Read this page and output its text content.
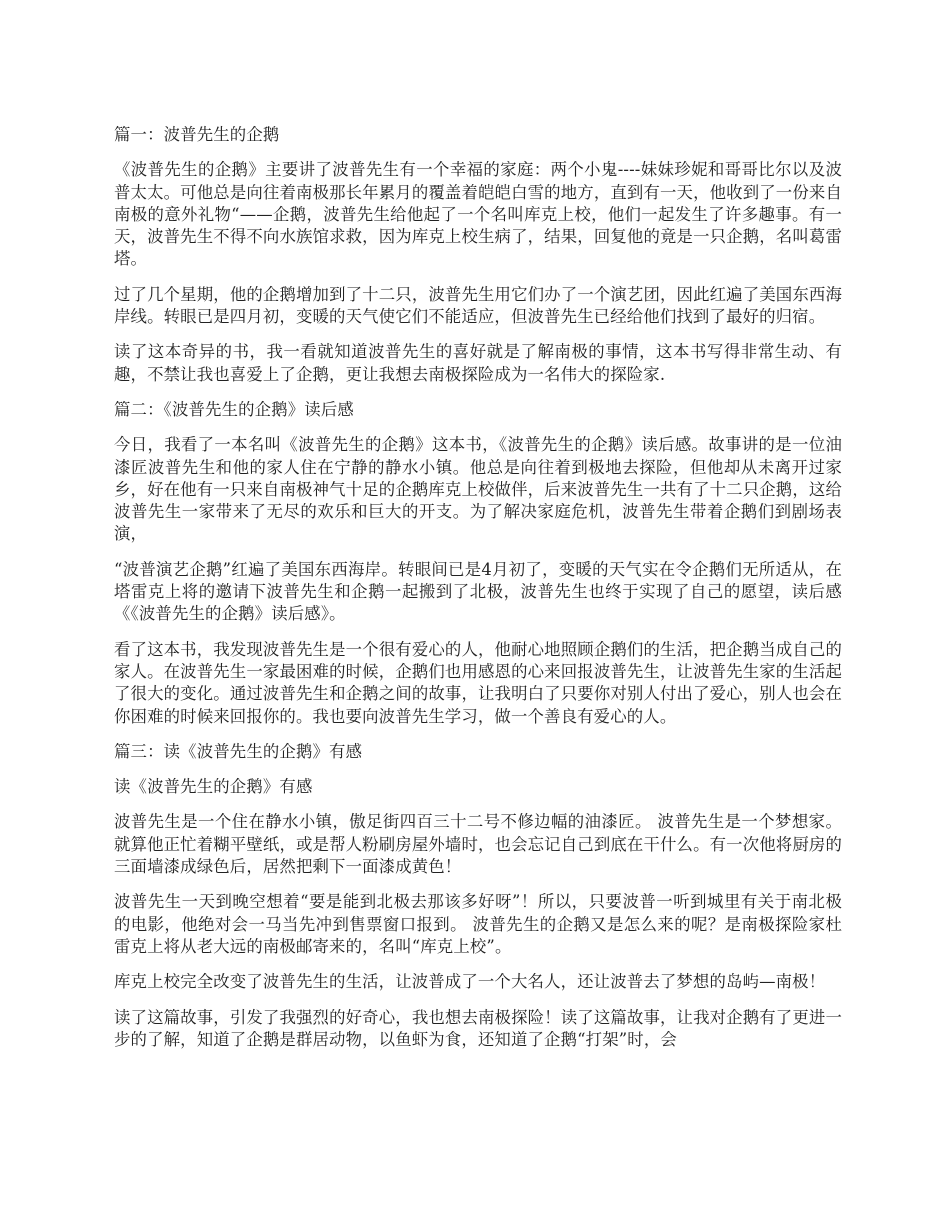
篇一：波普先生的企鹅

《波普先生的企鹅》主要讲了波普先生有一个幸福的家庭：两个小鬼----妹妹珍妮和哥哥比尔以及波普太太。可他总是向往着南极那长年累月的覆盖着皑皑白雪的地方，直到有一天，他收到了一份来自南极的意外礼物“——企鹅，波普先生给他起了一个名叫库克上校，他们一起发生了许多趣事。有一天，波普先生不得不向水族馆求救，因为库克上校生病了，结果，回复他的竟是一只企鹅，名叫葛雷塔。

过了几个星期，他的企鹅增加到了十二只，波普先生用它们办了一个演艺团，因此红遍了美国东西海岸线。转眼已是四月初，变暖的天气使它们不能适应，但波普先生已经给他们找到了最好的归宿。

读了这本奇异的书，我一看就知道波普先生的喜好就是了解南极的事情，这本书写得非常生动、有趣，不禁让我也喜爱上了企鹅，更让我想去南极探险成为一名伟大的探险家.

篇二：《波普先生的企鹅》读后感

今日，我看了一本名叫《波普先生的企鹅》这本书，《波普先生的企鹅》读后感。故事讲的是一位油漆匠波普先生和他的家人住在宁静的静水小镇。他总是向往着到极地去探险，但他却从未离开过家乡，好在他有一只来自南极神气十足的企鹅库克上校做伴，后来波普先生一共有了十二只企鹅，这给波普先生一家带来了无尽的欢乐和巨大的开支。为了解决家庭危机，波普先生带着企鹅们到剧场表演，

“波普演艺企鹅”红遍了美国东西海岸。转眼间已是4月初了，变暖的天气实在令企鹅们无所适从，在塔雷克上将的邀请下波普先生和企鹅一起搬到了北极，波普先生也终于实现了自己的愿望，读后感《《波普先生的企鹅》读后感》。

看了这本书，我发现波普先生是一个很有爱心的人，他耐心地照顾企鹅们的生活，把企鹅当成自己的家人。在波普先生一家最困难的时候，企鹅们也用感恩的心来回报波普先生，让波普先生家的生活起了很大的变化。通过波普先生和企鹅之间的故事，让我明白了只要你对别人付出了爱心，别人也会在你困难的时候来回报你的。我也要向波普先生学习，做一个善良有爱心的人。

篇三：读《波普先生的企鹅》有感

读《波普先生的企鹅》有感

波普先生是一个住在静水小镇，傲足街四百三十二号不修边幅的油漆匠。 波普先生是一个梦想家。就算他正忙着糊平壁纸，或是帮人粉刷房屋外墙时，也会忘记自己到底在干什么。有一次他将厨房的三面墙漆成绿色后，居然把剩下一面漆成黄色！

波普先生一天到晚空想着“要是能到北极去那该多好呀”！所以，只要波普一听到城里有关于南北极的电影，他绝对会一马当先冲到售票窗口报到。 波普先生的企鹅又是怎么来的呢？是南极探险家杜雷克上将从老大远的南极邮寄来的，名叫“库克上校”。

库克上校完全改变了波普先生的生活，让波普成了一个大名人，还让波普去了梦想的岛屿—南极！

读了这篇故事，引发了我强烈的好奇心，我也想去南极探险！读了这篇故事，让我对企鹅有了更进一步的了解，知道了企鹅是群居动物，以鱼虾为食，还知道了企鹅“打架”时，会
